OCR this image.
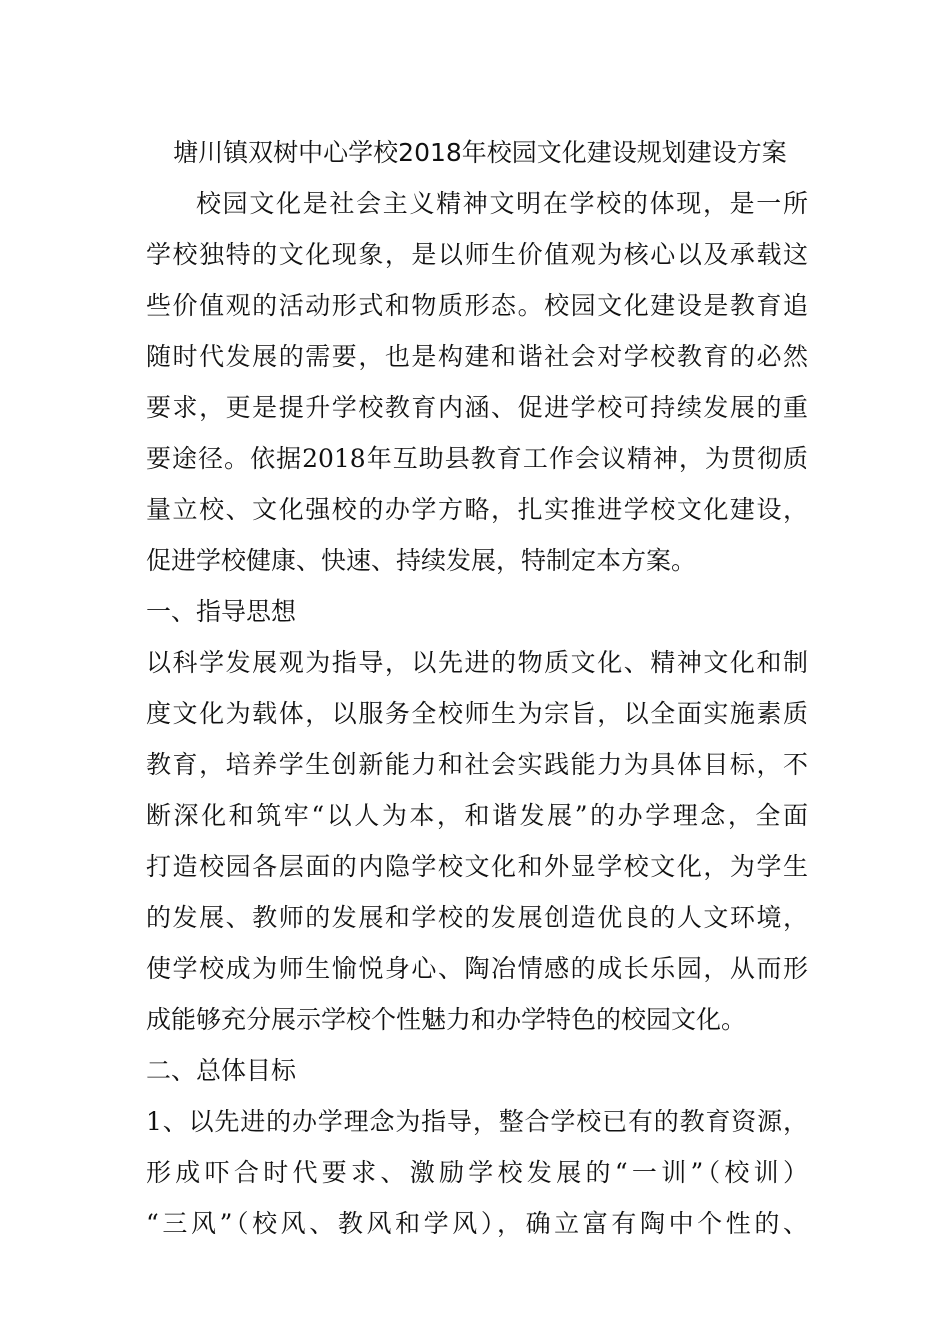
塘川镇双树中心学校2018年校园文化建设规划建设方案
校园文化是社会主义精神文明在学校的体现，是一所
学校独特的文化现象，是以师生价值观为核心以及承载这
些价值观的活动形式和物质形态。校园文化建设是教育追
随时代发展的需要，也是构建和谐社会对学校教育的必然
要求，更是提升学校教育内涵、促进学校可持续发展的重
要途径。依据2018年互助县教育工作会议精神，为贯彻质
量立校、文化强校的办学方略，扎实推进学校文化建设，
促进学校健康、快速、持续发展，特制定本方案。
一、指导思想
以科学发展观为指导，以先进的物质文化、精神文化和制
度文化为载体，以服务全校师生为宗旨，以全面实施素质
教育，培养学生创新能力和社会实践能力为具体目标，不
断深化和筑牢“以人为本，和谐发展”的办学理念，全面
打造校园各层面的内隐学校文化和外显学校文化，为学生
的发展、教师的发展和学校的发展创造优良的人文环境，
使学校成为师生愉悦身心、陶冶情感的成长乐园，从而形
成能够充分展示学校个性魅力和办学特色的校园文化。
二、总体目标
1、以先进的办学理念为指导，整合学校已有的教育资源，
形成吓合时代要求、激励学校发展的“一训”（校训）
“三风”（校风、教风和学风），确立富有陶中个性的、
